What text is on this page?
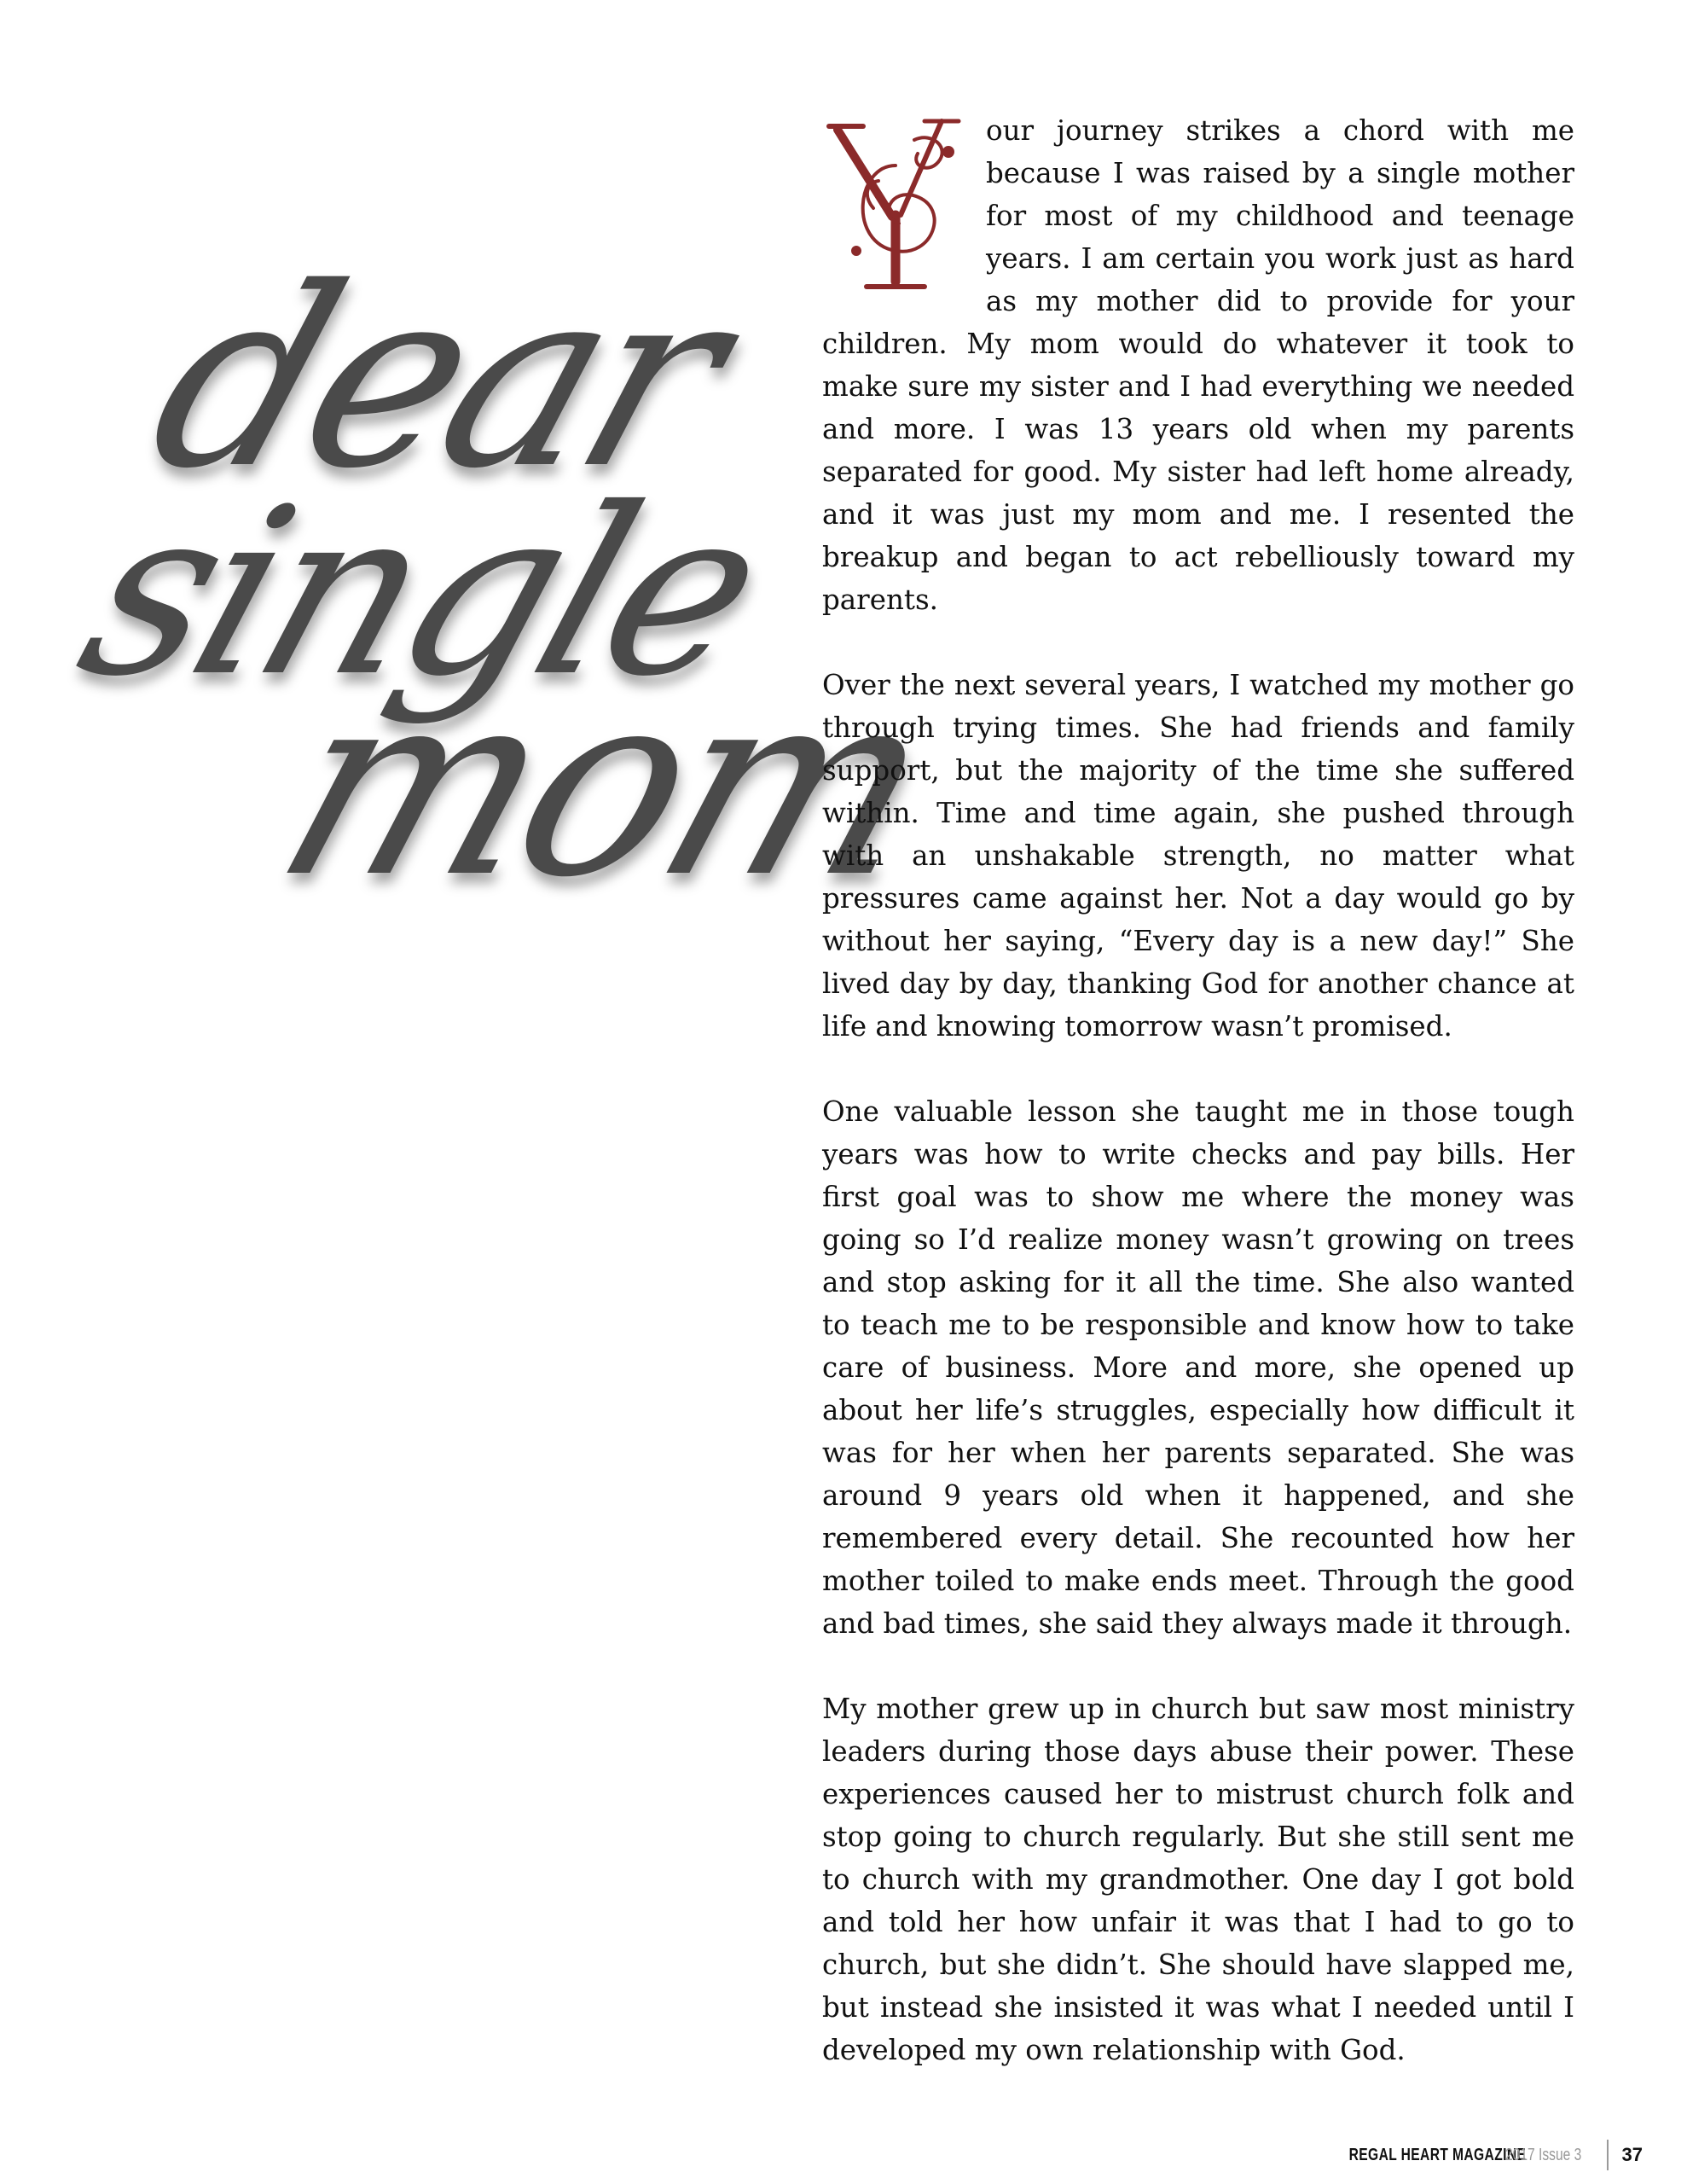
dear
single
mom

our journey strikes a chord with me because I was raised by a single mother for most of my childhood and teenage years. I am certain you work just as hard as my mother did to provide for your children. My mom would do whatever it took to make sure my sister and I had everything we needed and more. I was 13 years old when my parents separated for good. My sister had left home already, and it was just my mom and me. I resented the breakup and began to act rebelliously toward my parents.

Over the next several years, I watched my mother go through trying times. She had friends and family support, but the majority of the time she suffered within. Time and time again, she pushed through with an unshakable strength, no matter what pressures came against her. Not a day would go by without her saying, “Every day is a new day!” She lived day by day, thanking God for another chance at life and knowing tomorrow wasn’t promised.

One valuable lesson she taught me in those tough years was how to write checks and pay bills. Her first goal was to show me where the money was going so I’d realize money wasn’t growing on trees and stop asking for it all the time. She also wanted to teach me to be responsible and know how to take care of business. More and more, she opened up about her life’s struggles, especially how difficult it was for her when her parents separated. She was around 9 years old when it happened, and she remembered every detail. She recounted how her mother toiled to make ends meet. Through the good and bad times, she said they always made it through.

My mother grew up in church but saw most ministry leaders during those days abuse their power. These experiences caused her to mistrust church folk and stop going to church regularly. But she still sent me to church with my grandmother. One day I got bold and told her how unfair it was that I had to go to church, but she didn’t. She should have slapped me, but instead she insisted it was what I needed until I developed my own relationship with God.

REGAL HEART MAGAZINE
2017 Issue 3 37
